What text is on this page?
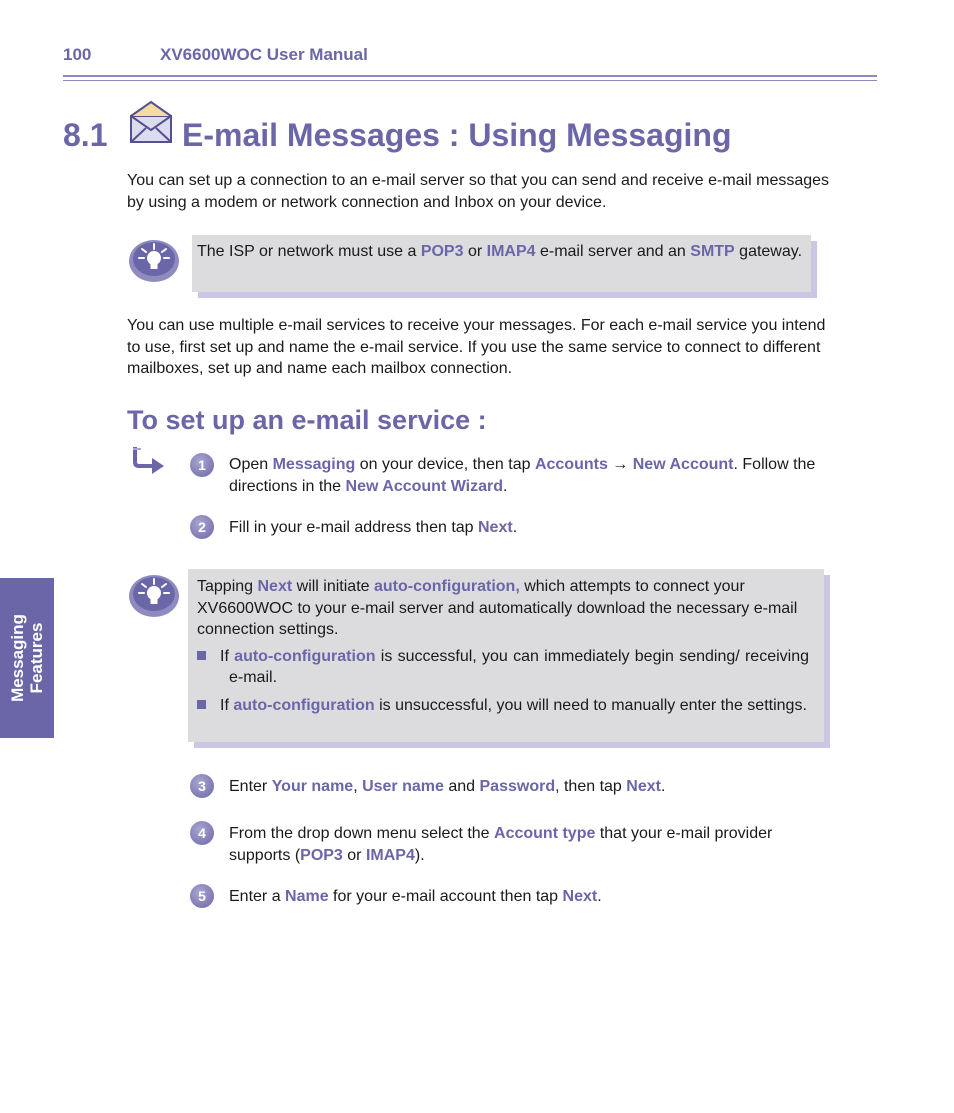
100	XV6600WOC User Manual
8.1 E-mail Messages : Using Messaging

You can set up a connection to an e-mail server so that you can send and receive e-mail messages by using a modem or network connection and Inbox on your device.

The ISP or network must use a POP3 or IMAP4 e-mail server and an SMTP gateway.

You can use multiple e-mail services to receive your messages. For each e-mail service you intend to use, first set up and name the e-mail service. If you use the same service to connect to different mailboxes, set up and name each mailbox connection.

To set up an e-mail service :
1	Open Messaging on your device, then tap Accounts → New Account. Follow the directions in the New Account Wizard.

2	Fill in your e-mail address then tap Next.

Tapping Next will initiate auto-configuration, which attempts to connect your XV6600WOC to your e-mail server and automatically download the necessary e-mail connection settings.

If auto-configuration is successful, you can immediately begin sending/ receiving e-mail.

If auto-configuration is unsuccessful, you will need to manually enter the settings.

3	Enter Your name, User name and Password, then tap Next.

4	From the drop down menu select the Account type that your e-mail provider supports (POP3 or IMAP4).

5	Enter a Name for your e-mail account then tap Next.

Messaging Features
